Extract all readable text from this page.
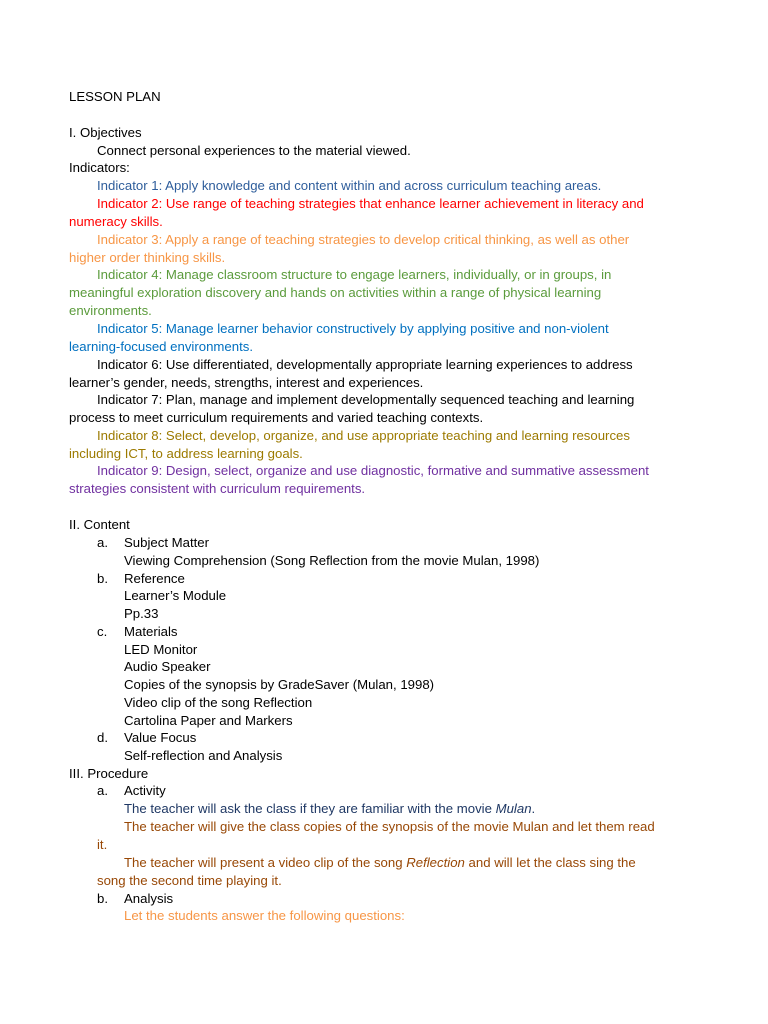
LESSON PLAN
I. Objectives
Connect personal experiences to the material viewed.
Indicators:
Indicator 1: Apply knowledge and content within and across curriculum teaching areas.
Indicator 2: Use range of teaching strategies that enhance learner achievement in literacy and
numeracy skills.
Indicator 3: Apply a range of teaching strategies to develop critical thinking, as well as other
higher order thinking skills.
Indicator 4: Manage classroom structure to engage learners, individually, or in groups, in
meaningful exploration discovery and hands on activities within a range of physical learning
environments.
Indicator 5: Manage learner behavior constructively by applying positive and non-violent
learning-focused environments.
Indicator 6: Use differentiated, developmentally appropriate learning experiences to address
learner’s gender, needs, strengths, interest and experiences.
Indicator 7: Plan, manage and implement developmentally sequenced teaching and learning
process to meet curriculum requirements and varied teaching contexts.
Indicator 8: Select, develop, organize, and use appropriate teaching and learning resources
including ICT, to address learning goals.
Indicator 9: Design, select, organize and use diagnostic, formative and summative assessment
strategies consistent with curriculum requirements.
II. Content
a. Subject Matter
Viewing Comprehension (Song Reflection from the movie Mulan, 1998)
b. Reference
Learner’s Module
Pp.33
c. Materials
LED Monitor
Audio Speaker
Copies of the synopsis by GradeSaver (Mulan, 1998)
Video clip of the song Reflection
Cartolina Paper and Markers
d. Value Focus
Self-reflection and Analysis
III. Procedure
a. Activity
The teacher will ask the class if they are familiar with the movie Mulan.
The teacher will give the class copies of the synopsis of the movie Mulan and let them read
it.
The teacher will present a video clip of the song Reflection and will let the class sing the
song the second time playing it.
b. Analysis
Let the students answer the following questions:
